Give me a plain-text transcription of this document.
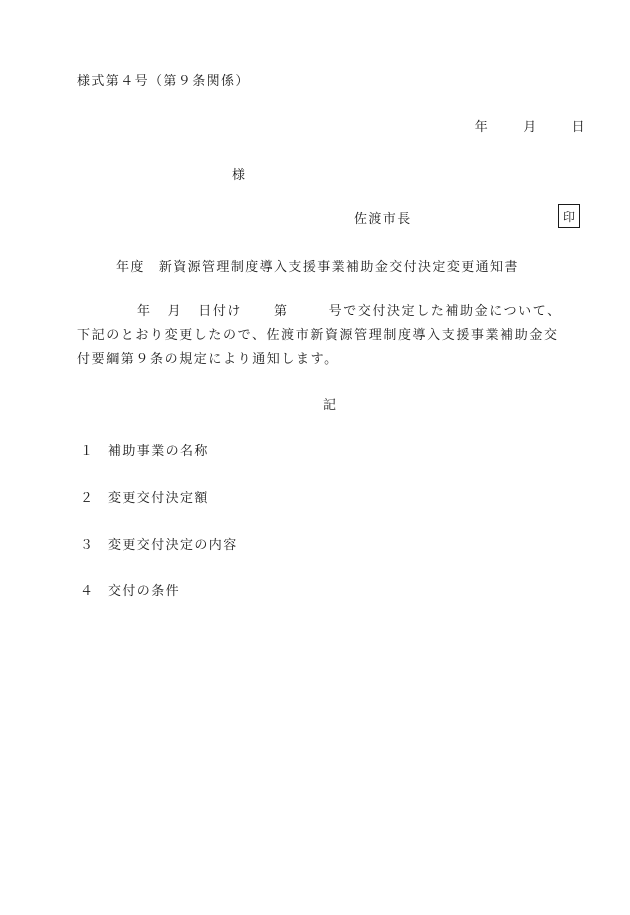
様式第４号（第９条関係）
年	月	日
様
佐渡市長	印
年度 新資源管理制度導入支援事業補助金交付決定変更通知書
年 月 日付け 第	号で交付決定した補助金について、
下記のとおり変更したので、佐渡市新資源管理制度導入支援事業補助金交
付要綱第９条の規定により通知します。
記
１ 補助事業の名称
２ 変更交付決定額
３ 変更交付決定の内容
４ 交付の条件
